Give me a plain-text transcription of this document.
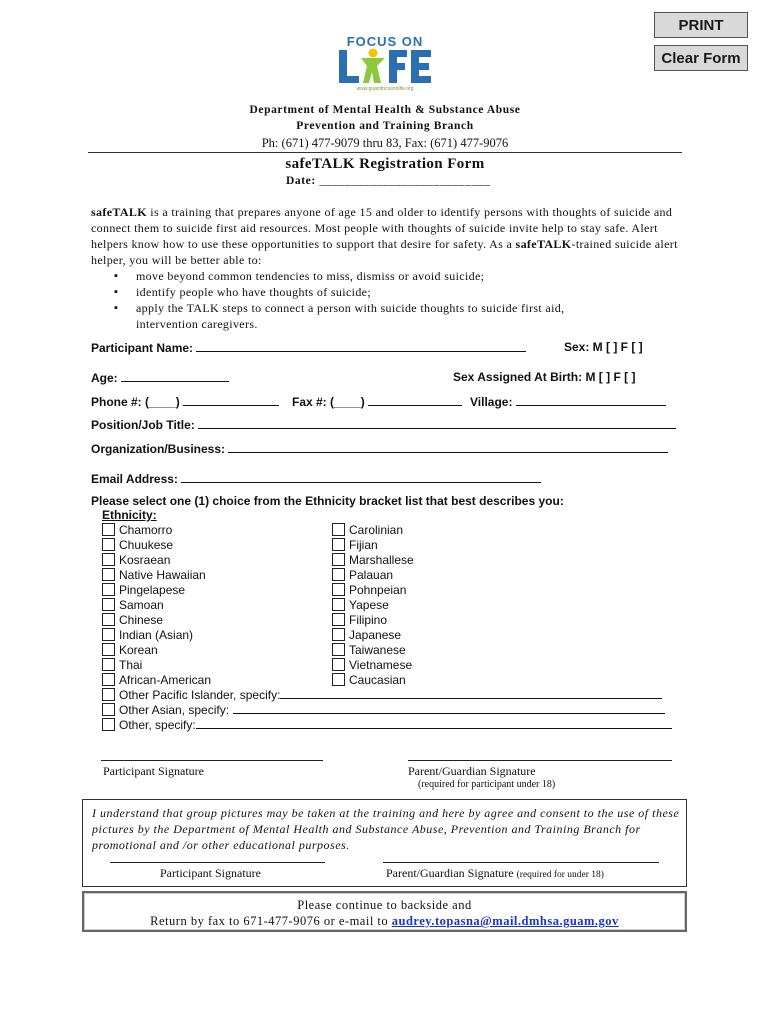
PRINT
Clear Form
FOCUS ON
www.guamfocusonlife.org
Department of Mental Health & Substance Abuse
Prevention and Training Branch
Ph: (671) 477-9079 thru 83, Fax: (671) 477-9076
safeTALK Registration Form
Date: ___________________________

safeTALK is a training that prepares anyone of age 15 and older to identify persons with thoughts of suicide and connect them to suicide first aid resources. Most people with thoughts of suicide invite help to stay safe. Alert helpers know how to use these opportunities to support that desire for safety. As a safeTALK-trained suicide alert helper, you will be better able to:

▪ move beyond common tendencies to miss, dismiss or avoid suicide;
▪ identify people who have thoughts of suicide;
▪ apply the TALK steps to connect a person with suicide thoughts to suicide first aid,
intervention caregivers.
Participant Name:	Sex: M [ ] F [ ]
Age:	Sex Assigned At Birth: M [ ] F [ ]
Phone #: (____)	Fax #: (____)	Village:
Position/Job Title:
Organization/Business:
Email Address:
Please select one (1) choice from the Ethnicity bracket list that best describes you:
Ethnicity:
Chamorro
Chuukese
Kosraean
Native Hawaiian
Pingelapese
Samoan
Chinese
Indian (Asian)
Korean
Thai
African-American
Carolinian
Fijian
Marshallese
Palauan
Pohnpeian
Yapese
Filipino
Japanese
Taiwanese
Vietnamese
Caucasian
Other Pacific Islander, specify:
Other Asian, specify:
Other, specify:
Participant Signature	Parent/Guardian Signature
(required for participant under 18)
I understand that group pictures may be taken at the training and here by agree and consent to the use of these pictures by the Department of Mental Health and Substance Abuse, Prevention and Training Branch for promotional and /or other educational purposes.
Participant Signature	Parent/Guardian Signature (required for under 18)
Please continue to backside and
Return by fax to 671-477-9076 or e-mail to audrey.topasna@mail.dmhsa.guam.gov
